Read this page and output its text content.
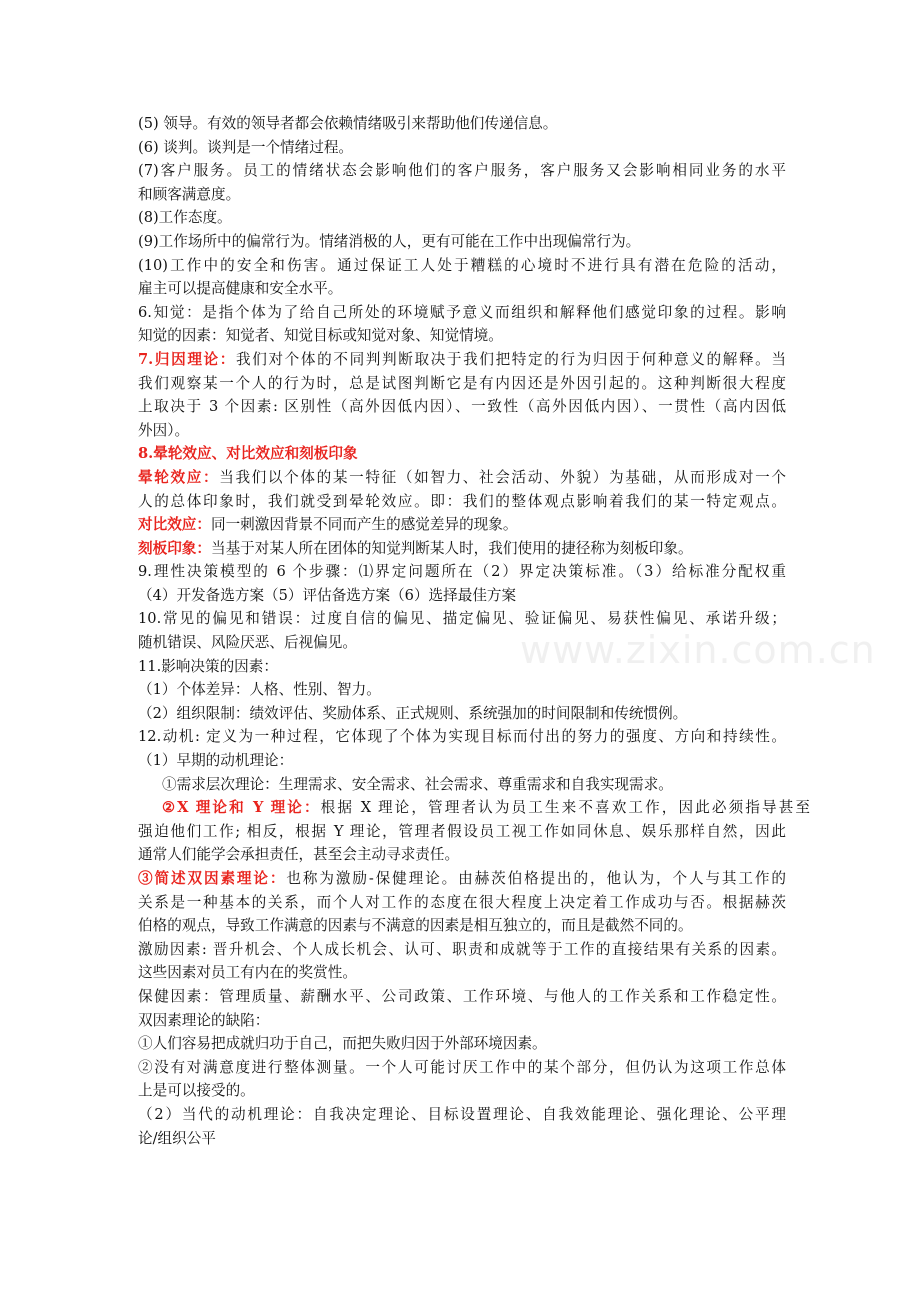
www.zixin.com.cn
(5) 领导。有效的领导者都会依赖情绪吸引来帮助他们传递信息。
(6) 谈判。谈判是一个情绪过程。
(7)客户服务。员工的情绪状态会影响他们的客户服务，客户服务又会影响相同业务的水平
和顾客满意度。
(8)工作态度。
(9)工作场所中的偏常行为。情绪消极的人，更有可能在工作中出现偏常行为。
(10)工作中的安全和伤害。通过保证工人处于糟糕的心境时不进行具有潜在危险的活动，
雇主可以提高健康和安全水平。
6.知觉：是指个体为了给自己所处的环境赋予意义而组织和解释他们感觉印象的过程。影响
知觉的因素：知觉者、知觉目标或知觉对象、知觉情境。
7.归因理论：我们对个体的不同判判断取决于我们把特定的行为归因于何种意义的解释。当
我们观察某一个人的行为时，总是试图判断它是有内因还是外因引起的。这种判断很大程度
上取决于 3 个因素: 区别性（高外因低内因）、一致性（高外因低内因）、一贯性（高内因低
外因）。
8.晕轮效应、对比效应和刻板印象
晕轮效应：当我们以个体的某一特征（如智力、社会活动、外貌）为基础，从而形成对一个
人的总体印象时，我们就受到晕轮效应。即：我们的整体观点影响着我们的某一特定观点。
对比效应：同一刺激因背景不同而产生的感觉差异的现象。
刻板印象：当基于对某人所在团体的知觉判断某人时，我们使用的捷径称为刻板印象。
9.理性决策模型的 6 个步骤：⑴界定问题所在（2）界定决策标准。（3）给标准分配权重
（4）开发备选方案（5）评估备选方案（6）选择最佳方案
10.常见的偏见和错误：过度自信的偏见、描定偏见、验证偏见、易获性偏见、承诺升级；
随机错误、风险厌恶、后视偏见。
11.影响决策的因素：
（1）个体差异：人格、性别、智力。
（2）组织限制：绩效评估、奖励体系、正式规则、系统强加的时间限制和传统惯例。
12.动机: 定义为一种过程，它体现了个体为实现目标而付出的努力的强度、方向和持续性。
（1）早期的动机理论：
①需求层次理论：生理需求、安全需求、社会需求、尊重需求和自我实现需求。
②X 理论和 Y 理论：根据 X 理论，管理者认为员工生来不喜欢工作，因此必须指导甚至
强迫他们工作; 相反，根据 Y 理论，管理者假设员工视工作如同休息、娱乐那样自然，因此
通常人们能学会承担责任，甚至会主动寻求责任。
③简述双因素理论：也称为激励-保健理论。由赫茨伯格提出的，他认为，个人与其工作的
关系是一种基本的关系，而个人对工作的态度在很大程度上决定着工作成功与否。根据赫茨
伯格的观点，导致工作满意的因素与不满意的因素是相互独立的，而且是截然不同的。
激励因素: 晋升机会、个人成长机会、认可、职责和成就等于工作的直接结果有关系的因素。
这些因素对员工有内在的奖赏性。
保健因素：管理质量、薪酬水平、公司政策、工作环境、与他人的工作关系和工作稳定性。
双因素理论的缺陷：
①人们容易把成就归功于自己，而把失败归因于外部环境因素。
②没有对满意度进行整体测量。一个人可能讨厌工作中的某个部分，但仍认为这项工作总体
上是可以接受的。
（2）当代的动机理论：自我决定理论、目标设置理论、自我效能理论、强化理论、公平理
论/组织公平
